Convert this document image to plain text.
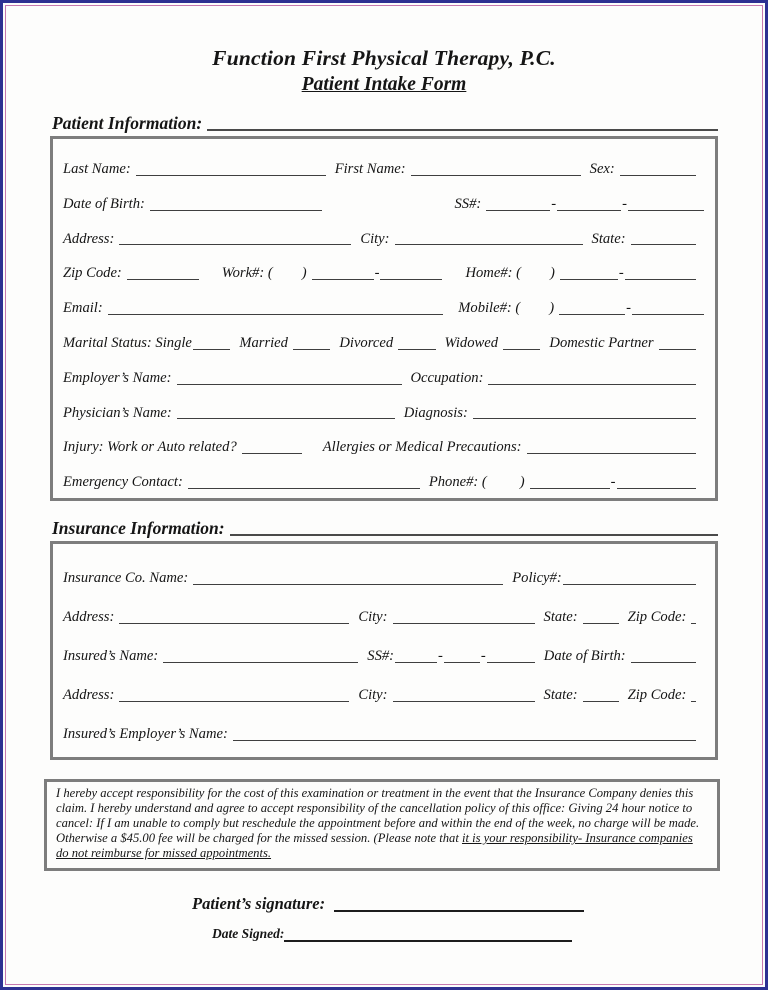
Function First Physical Therapy, P.C.
Patient Intake Form
Patient Information:
Last Name:	First Name:	Sex:
Date of Birth:	SS#:	-	-
Address:	City:	State:
Zip Code:	Work#: ( )	-	Home#: ( )	-
Email:	Mobile#: ( )	-
Marital Status: Single	Married	Divorced	Widowed	Domestic Partner
Employer’s Name:	Occupation:
Physician’s Name:	Diagnosis:
Injury: Work or Auto related?	Allergies or Medical Precautions:
Emergency Contact:	Phone#: ( )	-
Insurance Information:
Insurance Co. Name:	Policy#:
Address:	City:	State:	Zip Code:
Insured’s Name:	SS#:	-	-	Date of Birth:
Address:	City:	State:	Zip Code:
Insured’s Employer’s Name:
I hereby accept responsibility for the cost of this examination or treatment in the event that the Insurance Company denies this claim. I hereby understand and agree to accept responsibility of the cancellation policy of this office: Giving 24 hour notice to cancel: If I am unable to comply but reschedule the appointment before and within the end of the week, no charge will be made. Otherwise a $45.00 fee will be charged for the missed session. (Please note that it is your responsibility- Insurance companies do not reimburse for missed appointments.
Patient’s signature:
Date Signed:
